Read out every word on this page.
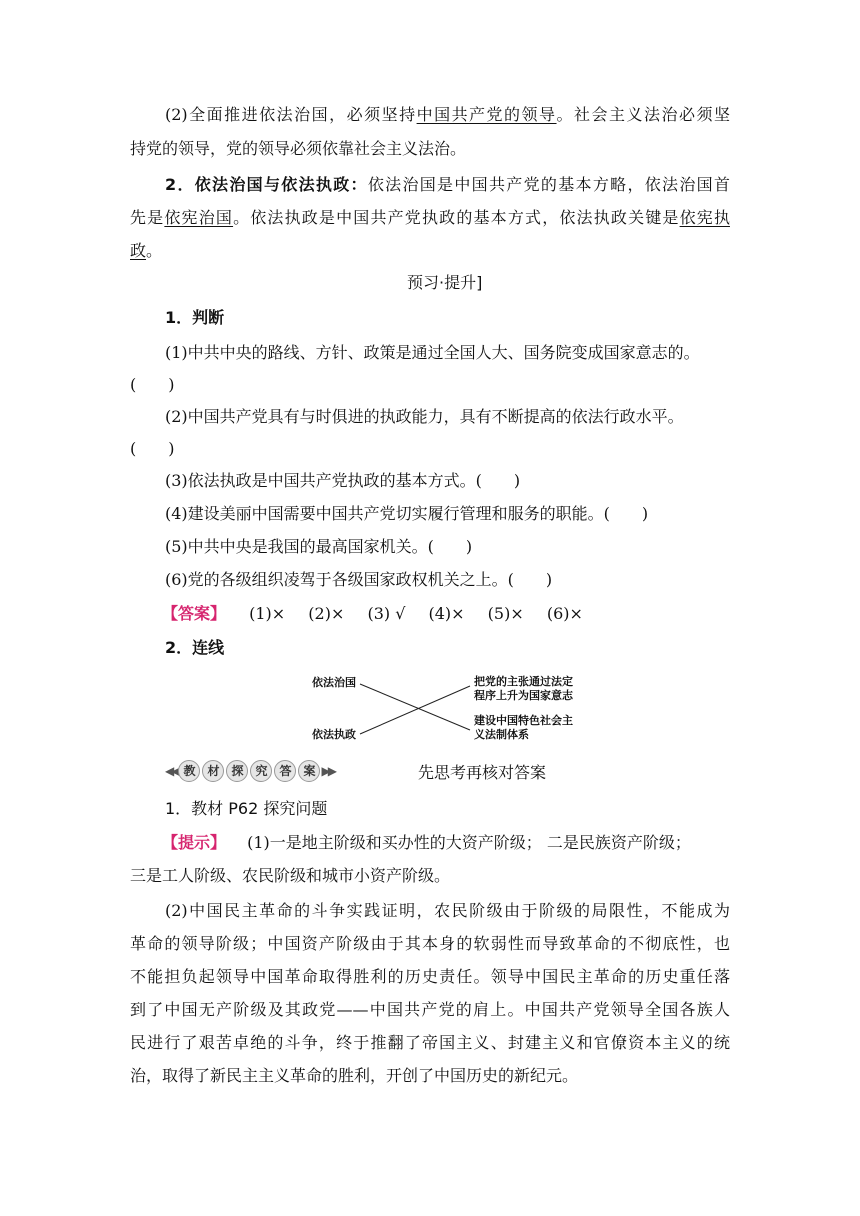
(2)全面推进依法治国，必须坚持中国共产党的领导。社会主义法治必须坚
持党的领导，党的领导必须依靠社会主义法治。
2．依法治国与依法执政：依法治国是中国共产党的基本方略，依法治国首
先是依宪治国。依法执政是中国共产党执政的基本方式，依法执政关键是依宪执
政。
预习·提升]
1．判断
(1)中共中央的路线、方针、政策是通过全国人大、国务院变成国家意志的。
(　　)
(2)中国共产党具有与时俱进的执政能力，具有不断提高的依法行政水平。
(　　)
(3)依法执政是中国共产党执政的基本方式。(　　)
(4)建设美丽中国需要中国共产党切实履行管理和服务的职能。(　　)
(5)中共中央是我国的最高国家机关。(　　)
(6)党的各级组织凌驾于各级国家政权机关之上。(　　)
【答案】 (1)× (2)× (3) √ (4)× (5)× (6)×
2．连线
依法治国
依法执政
把党的主张通过法定
程序上升为国家意志
建设中国特色社会主
义法制体系
◀◀ 教 材 探 究 答 案 ▶▶	先思考再核对答案
1．教材 P62 探究问题
【提示】 (1)一是地主阶级和买办性的大资产阶级； 二是民族资产阶级；
三是工人阶级、农民阶级和城市小资产阶级。
(2)中国民主革命的斗争实践证明，农民阶级由于阶级的局限性，不能成为
革命的领导阶级；中国资产阶级由于其本身的软弱性而导致革命的不彻底性，也
不能担负起领导中国革命取得胜利的历史责任。领导中国民主革命的历史重任落
到了中国无产阶级及其政党——中国共产党的肩上。中国共产党领导全国各族人
民进行了艰苦卓绝的斗争，终于推翻了帝国主义、封建主义和官僚资本主义的统
治，取得了新民主主义革命的胜利，开创了中国历史的新纪元。
